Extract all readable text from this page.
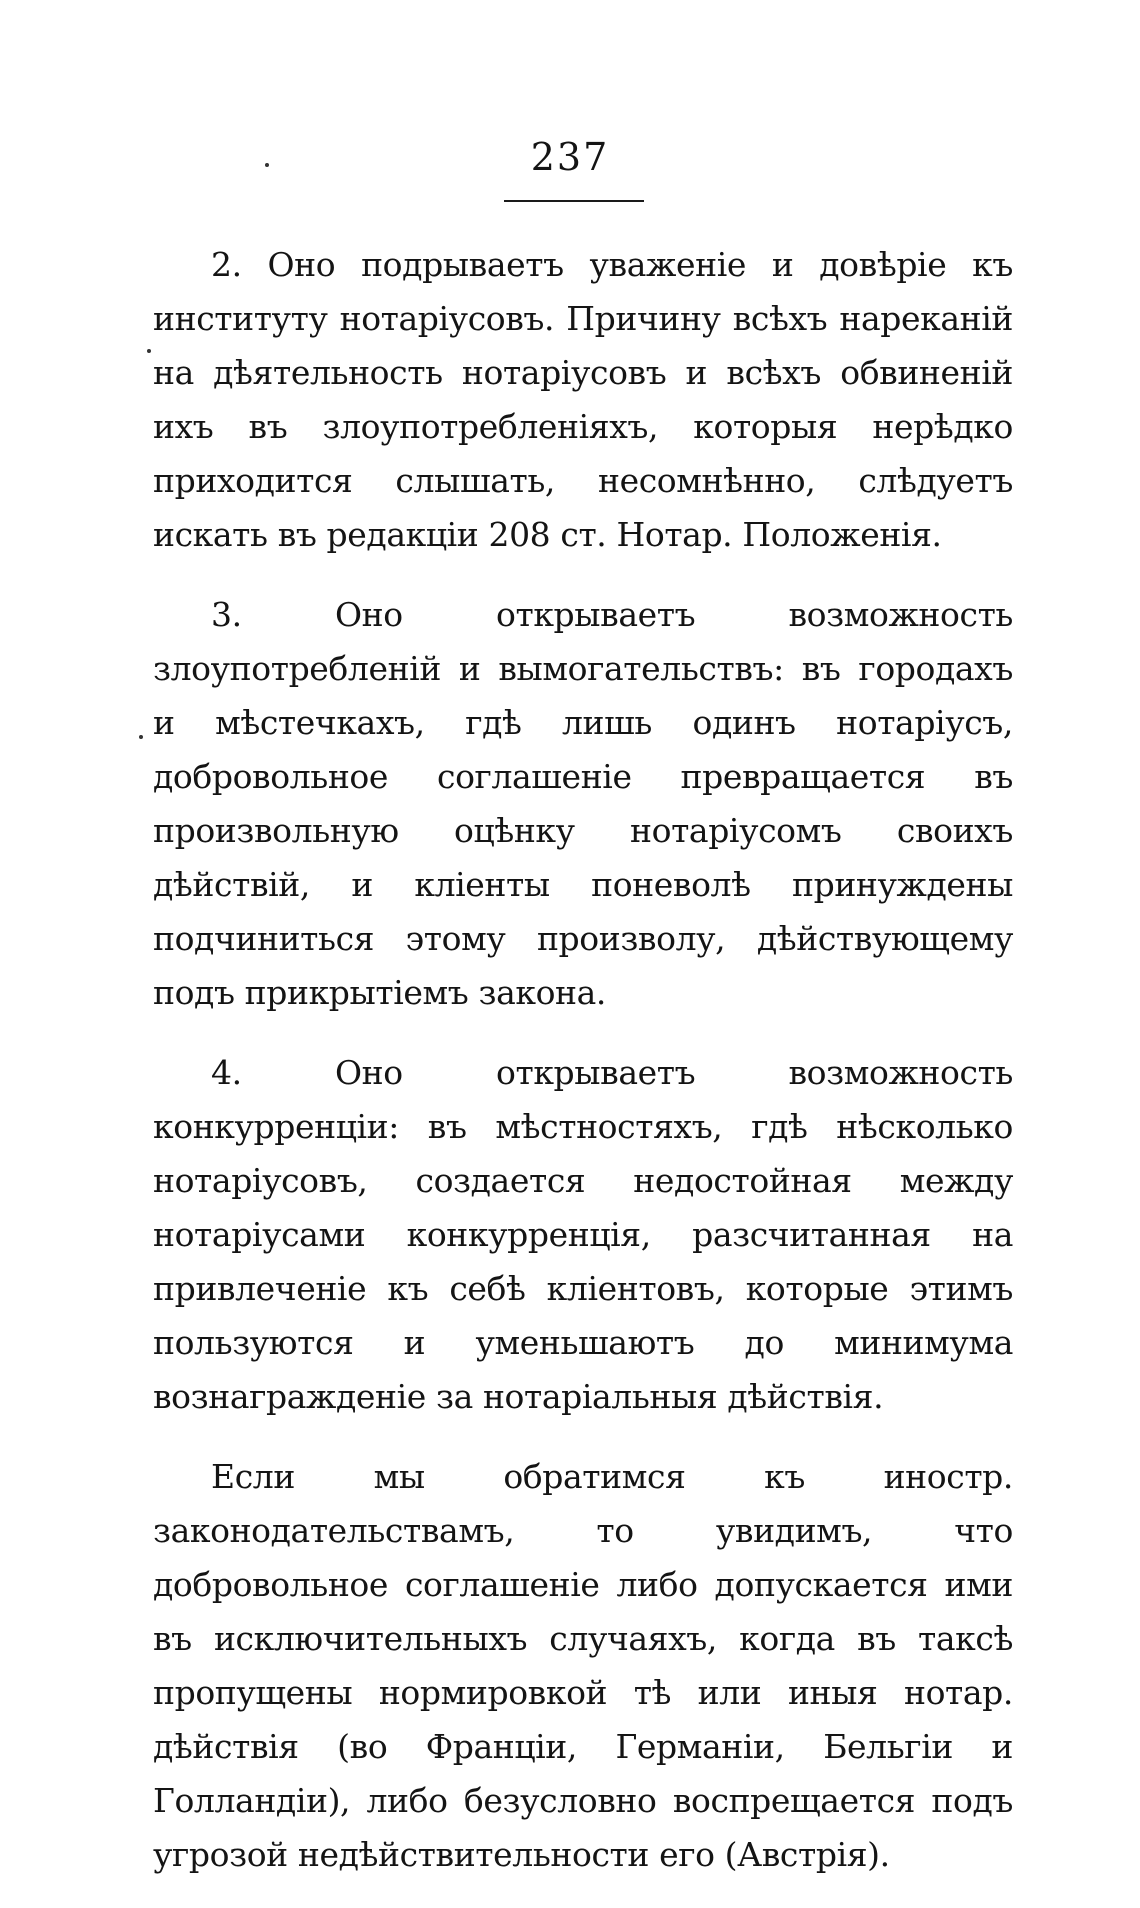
237

2. Оно подрываетъ уваженіе и довѣріе къ институту нотаріусовъ. Причину всѣхъ нареканій на дѣятельность нотаріусовъ и всѣхъ обвиненій ихъ въ злоупотребленіяхъ, которыя нерѣдко приходится слышать, несомнѣнно, слѣдуетъ искать въ редакціи 208 ст. Нотар. Положенія.

3. Оно открываетъ возможность злоупотребленій и вымогательствъ: въ городахъ и мѣстечкахъ, гдѣ лишь одинъ нотаріусъ, добровольное соглашеніе превращается въ произвольную оцѣнку нотаріусомъ своихъ дѣйствій, и кліенты поневолѣ принуждены подчиниться этому произволу, дѣйствующему подъ прикрытіемъ закона.

4. Оно открываетъ возможность конкурренціи: въ мѣстностяхъ, гдѣ нѣсколько нотаріусовъ, создается недостойная между нотаріусами конкурренція, разсчитанная на привлеченіе къ себѣ кліентовъ, которые этимъ пользуются и уменьшаютъ до минимума вознагражденіе за нотаріальныя дѣйствія.

Если мы обратимся къ иностр. законодательствамъ, то увидимъ, что добровольное соглашеніе либо допускается ими въ исключительныхъ случаяхъ, когда въ таксѣ пропущены нормировкой тѣ или иныя нотар. дѣйствія (во Франціи, Германіи, Бельгіи и Голландіи), либо безусловно воспрещается подъ угрозой недѣйствительности его (Австрія).
